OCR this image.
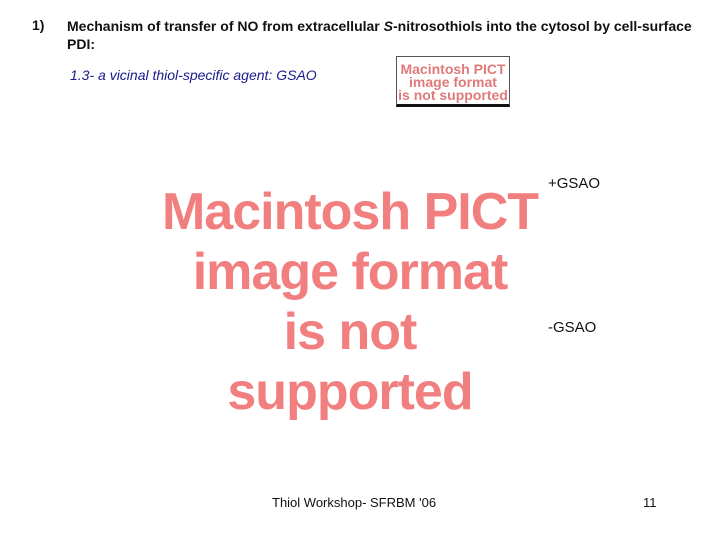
1) Mechanism of transfer of NO from extracellular S-nitrosothiols into the cytosol by cell-surface PDI:
1.3- a vicinal thiol-specific agent: GSAO	Macintosh PICT
image format
is not supported
Macintosh PICT
image format
is not supported
+GSAO
-GSAO
Thiol Workshop- SFRBM '06	11
